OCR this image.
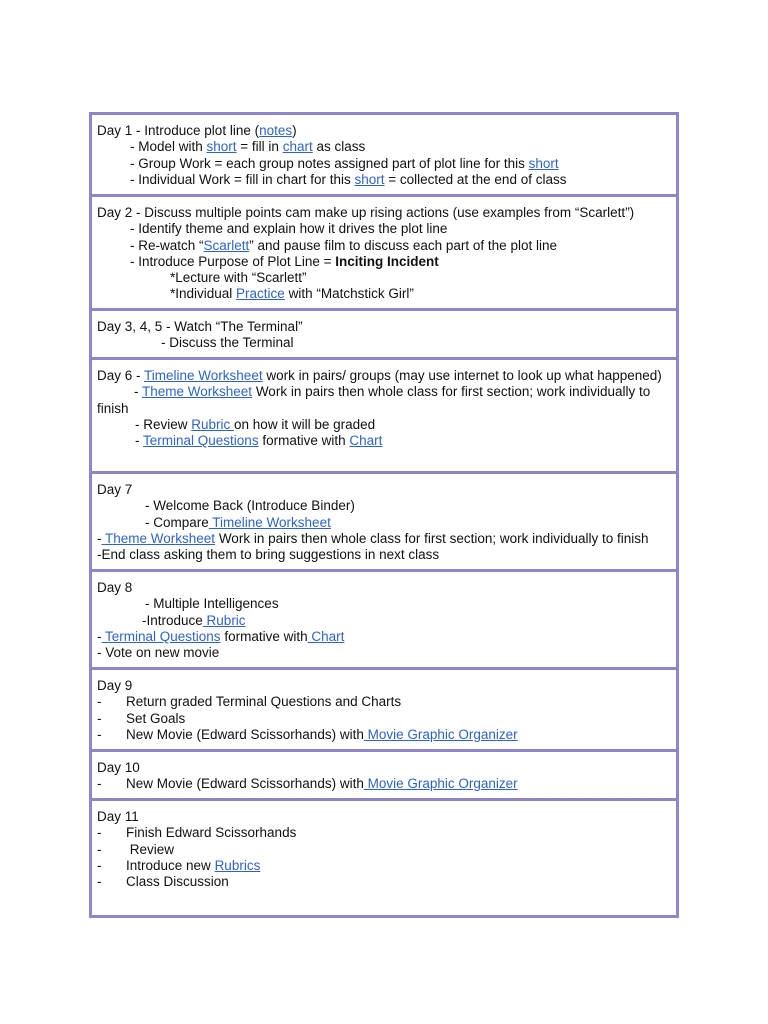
Day 1 - Introduce plot line (notes)
- Model with short = fill in chart as class
- Group Work = each group notes assigned part of plot line for this short
- Individual Work = fill in chart for this short = collected at the end of class
Day 2 - Discuss multiple points cam make up rising actions (use examples from “Scarlett”)
- Identify theme and explain how it drives the plot line
- Re-watch “Scarlett” and pause film to discuss each part of the plot line
- Introduce Purpose of Plot Line = Inciting Incident
*Lecture with “Scarlett”
*Individual Practice with “Matchstick Girl”
Day 3, 4, 5 - Watch “The Terminal”
- Discuss the Terminal
Day 6 - Timeline Worksheet work in pairs/ groups (may use internet to look up what happened)
- Theme Worksheet Work in pairs then whole class for first section; work individually to finish
- Review Rubric on how it will be graded
- Terminal Questions formative with Chart
Day 7
- Welcome Back (Introduce Binder)
- Compare Timeline Worksheet
- Theme Worksheet Work in pairs then whole class for first section; work individually to finish
-End class asking them to bring suggestions in next class
Day 8
- Multiple Intelligences
-Introduce Rubric
- Terminal Questions formative with Chart
- Vote on new movie
Day 9
- Return graded Terminal Questions and Charts
- Set Goals
- New Movie (Edward Scissorhands) with Movie Graphic Organizer
Day 10
- New Movie (Edward Scissorhands) with Movie Graphic Organizer
Day 11
- Finish Edward Scissorhands
- Review
- Introduce new Rubrics
- Class Discussion
